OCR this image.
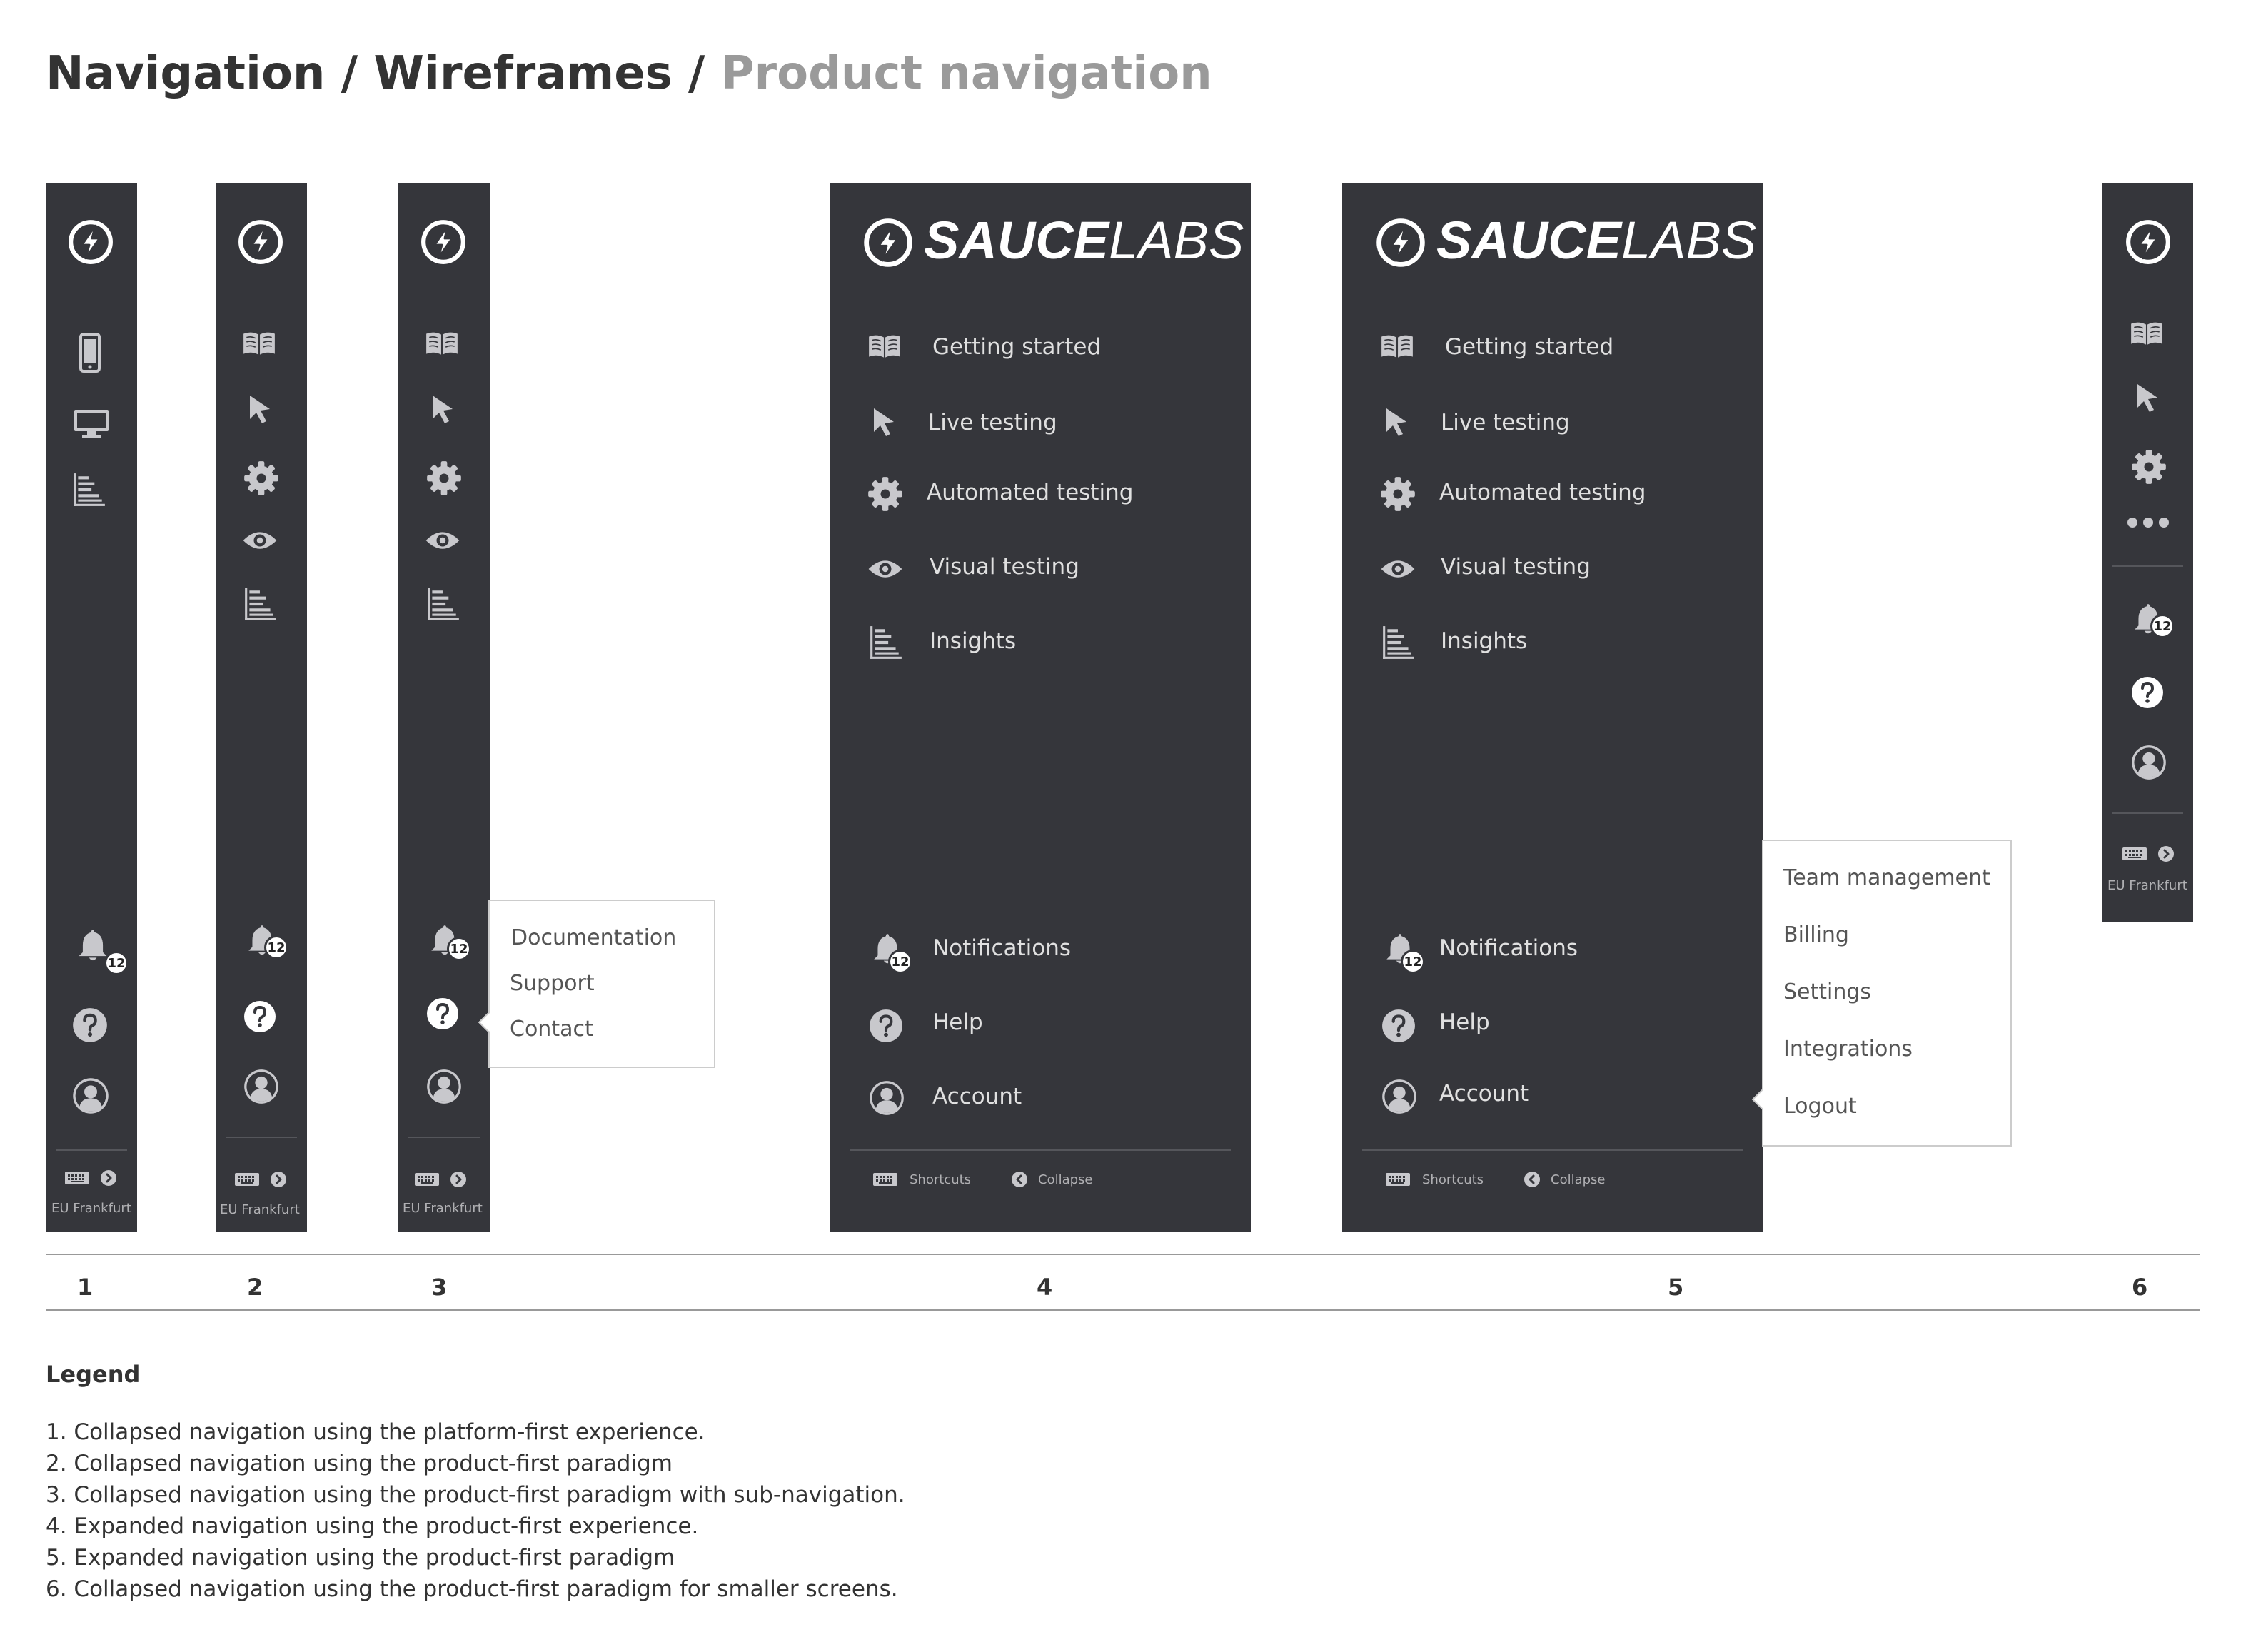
Navigation / Wireframes / Product navigation
12
EU Frankfurt
12
EU Frankfurt
12
EU Frankfurt
Documentation
Support
Contact
SAUCELABS
Getting started
Live testing
Automated testing
Visual testing
Insights
12
Notifications
Help
Account
Shortcuts	Collapse
SAUCELABS
Getting started
Live testing
Automated testing
Visual testing
Insights
12
Notifications
Help
Account
Shortcuts	Collapse
Team management
Billing
Settings
Integrations
Logout
12
EU Frankfurt
1	2	3	4	5	6
Legend
1. Collapsed navigation using the platform-first experience.
2. Collapsed navigation using the product-first paradigm
3. Collapsed navigation using the product-first paradigm with sub-navigation.
4. Expanded navigation using the product-first experience.
5. Expanded navigation using the product-first paradigm
6. Collapsed navigation using the product-first paradigm for smaller screens.
